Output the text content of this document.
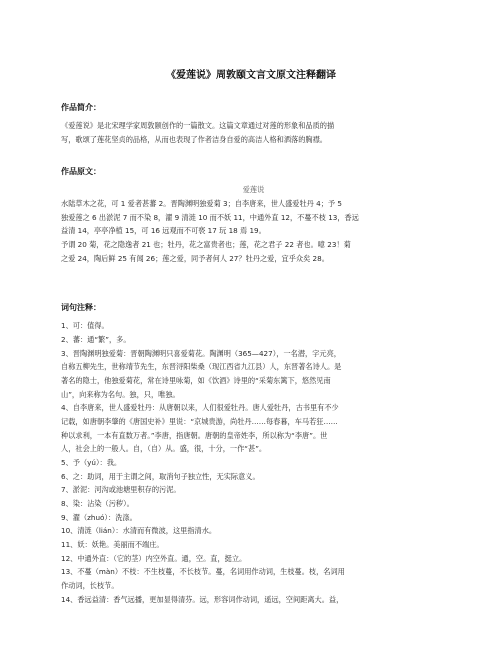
《爱莲说》周敦颐文言文原文注释翻译
作品简介：

《爱莲说》是北宋理学家周敦颐创作的一篇散文。这篇文章通过对莲的形象和品质的描

写，歌颂了莲花坚贞的品格，从而也表现了作者洁身自爱的高洁人格和洒落的胸襟。

作品原文：

爱莲说

水陆草木之花，可 1 爱者甚蕃 2。晋陶渊明独爱菊 3；自李唐来，世人盛爱牡丹 4；予 5

独爱莲之 6 出淤泥 7 而不染 8，濯 9 清涟 10 而不妖 11，中通外直 12，不蔓不枝 13，香远

益清 14，亭亭净植 15，可 16 远观而不可亵 17 玩 18 焉 19。

予谓 20 菊，花之隐逸者 21 也；牡丹，花之富贵者也；莲，花之君子 22 者也。噫 23！菊

之爱 24，陶后鲜 25 有闻 26；莲之爱，同予者何人 27？牡丹之爱，宜乎众矣 28。

词句注释：

1、可：值得。

2、蕃：通“繁”，多。

3、晋陶渊明独爱菊：晋朝陶渊明只喜爱菊花。陶渊明（365—427），一名潜，字元亮，

自称五柳先生，世称靖节先生，东晋浔阳柴桑（现江西省九江县）人，东晋著名诗人。是

著名的隐士，他独爱菊花，常在诗里咏菊，如《饮酒》诗里的“采菊东篱下，悠然见南

山”，向来称为名句。独，只，唯独。

4、自李唐来，世人盛爱牡丹：从唐朝以来，人们很爱牡丹。唐人爱牡丹，古书里有不少

记载，如唐朝李肇的《唐国史补》里说：“京城贵游，尚牡丹……每春暮，车马若狂……

种以求利，一本有直数万者。”李唐，指唐朝。唐朝的皇帝姓李，所以称为“李唐”。世

人，社会上的一般人。自，（自）从。盛，很，十分，一作“甚”。

5、予（yú）：我。

6、之：助词，用于主谓之间，取消句子独立性，无实际意义。

7、淤泥：河沟或池塘里积存的污泥。

8、染：沾染（污秽）。

9、濯（zhuó）：洗涤。

10、清涟（lián）：水清而有微波，这里指清水。

11、妖：妖艳。美丽而不端庄。

12、中通外直：（它的茎）内空外直。通，空。直，挺立。

13、不蔓（màn）不枝：不生枝蔓，不长枝节。蔓，名词用作动词，生枝蔓。枝，名词用

作动词，长枝节。

14、香远益清：香气远播，更加显得清芬。远，形容词作动词，遥远，空间距离大。益，
